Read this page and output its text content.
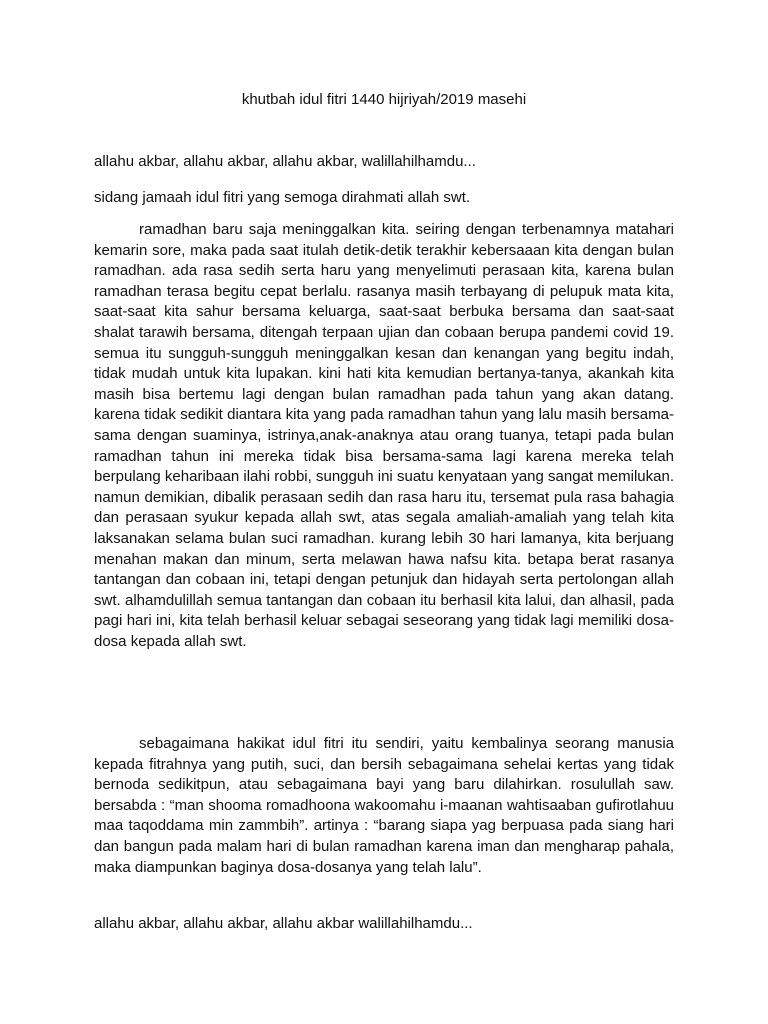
khutbah idul fitri 1440 hijriyah/2019 masehi
allahu akbar, allahu akbar, allahu akbar, walillahilhamdu...
sidang jamaah idul fitri yang semoga dirahmati allah swt.
ramadhan baru saja meninggalkan kita. seiring dengan terbenamnya matahari kemarin sore, maka pada saat itulah detik-detik terakhir kebersaaan kita dengan bulan ramadhan. ada rasa sedih serta haru yang menyelimuti perasaan kita, karena bulan ramadhan terasa begitu cepat berlalu. rasanya masih terbayang di pelupuk mata kita, saat-saat kita sahur bersama keluarga, saat-saat berbuka bersama dan saat-saat shalat tarawih bersama, ditengah terpaan ujian dan cobaan berupa pandemi covid 19. semua itu sungguh-sungguh meninggalkan kesan dan kenangan yang begitu indah, tidak mudah untuk kita lupakan. kini hati kita kemudian bertanya-tanya, akankah kita masih bisa bertemu lagi dengan bulan ramadhan pada tahun yang akan datang. karena tidak sedikit diantara kita yang pada ramadhan tahun yang lalu masih bersama-sama dengan suaminya, istrinya,anak-anaknya atau orang tuanya, tetapi pada bulan ramadhan tahun ini mereka tidak bisa bersama-sama lagi karena mereka telah berpulang keharibaan ilahi robbi, sungguh ini suatu kenyataan yang sangat memilukan. namun demikian, dibalik perasaan sedih dan rasa haru itu, tersemat pula rasa bahagia dan perasaan syukur kepada allah swt, atas segala amaliah-amaliah yang telah kita laksanakan selama bulan suci ramadhan. kurang lebih 30 hari lamanya, kita berjuang menahan makan dan minum, serta melawan hawa nafsu kita. betapa berat rasanya tantangan dan cobaan ini, tetapi dengan petunjuk dan hidayah serta pertolongan allah swt. alhamdulillah semua tantangan dan cobaan itu berhasil kita lalui, dan alhasil, pada pagi hari ini, kita telah berhasil keluar sebagai seseorang yang tidak lagi memiliki dosa-dosa kepada allah swt.
sebagaimana hakikat idul fitri itu sendiri, yaitu kembalinya seorang manusia kepada fitrahnya yang putih, suci, dan bersih sebagaimana sehelai kertas yang tidak bernoda sedikitpun, atau sebagaimana bayi yang baru dilahirkan. rosulullah saw. bersabda : “man shooma romadhoona wakoomahu i-maanan wahtisaaban gufirotlahuu maa taqoddama min zammbih”. artinya : “barang siapa yag berpuasa pada siang hari dan bangun pada malam hari di bulan ramadhan karena iman dan mengharap pahala, maka diampunkan baginya dosa-dosanya yang telah lalu”.
allahu akbar, allahu akbar, allahu akbar walillahilhamdu...
